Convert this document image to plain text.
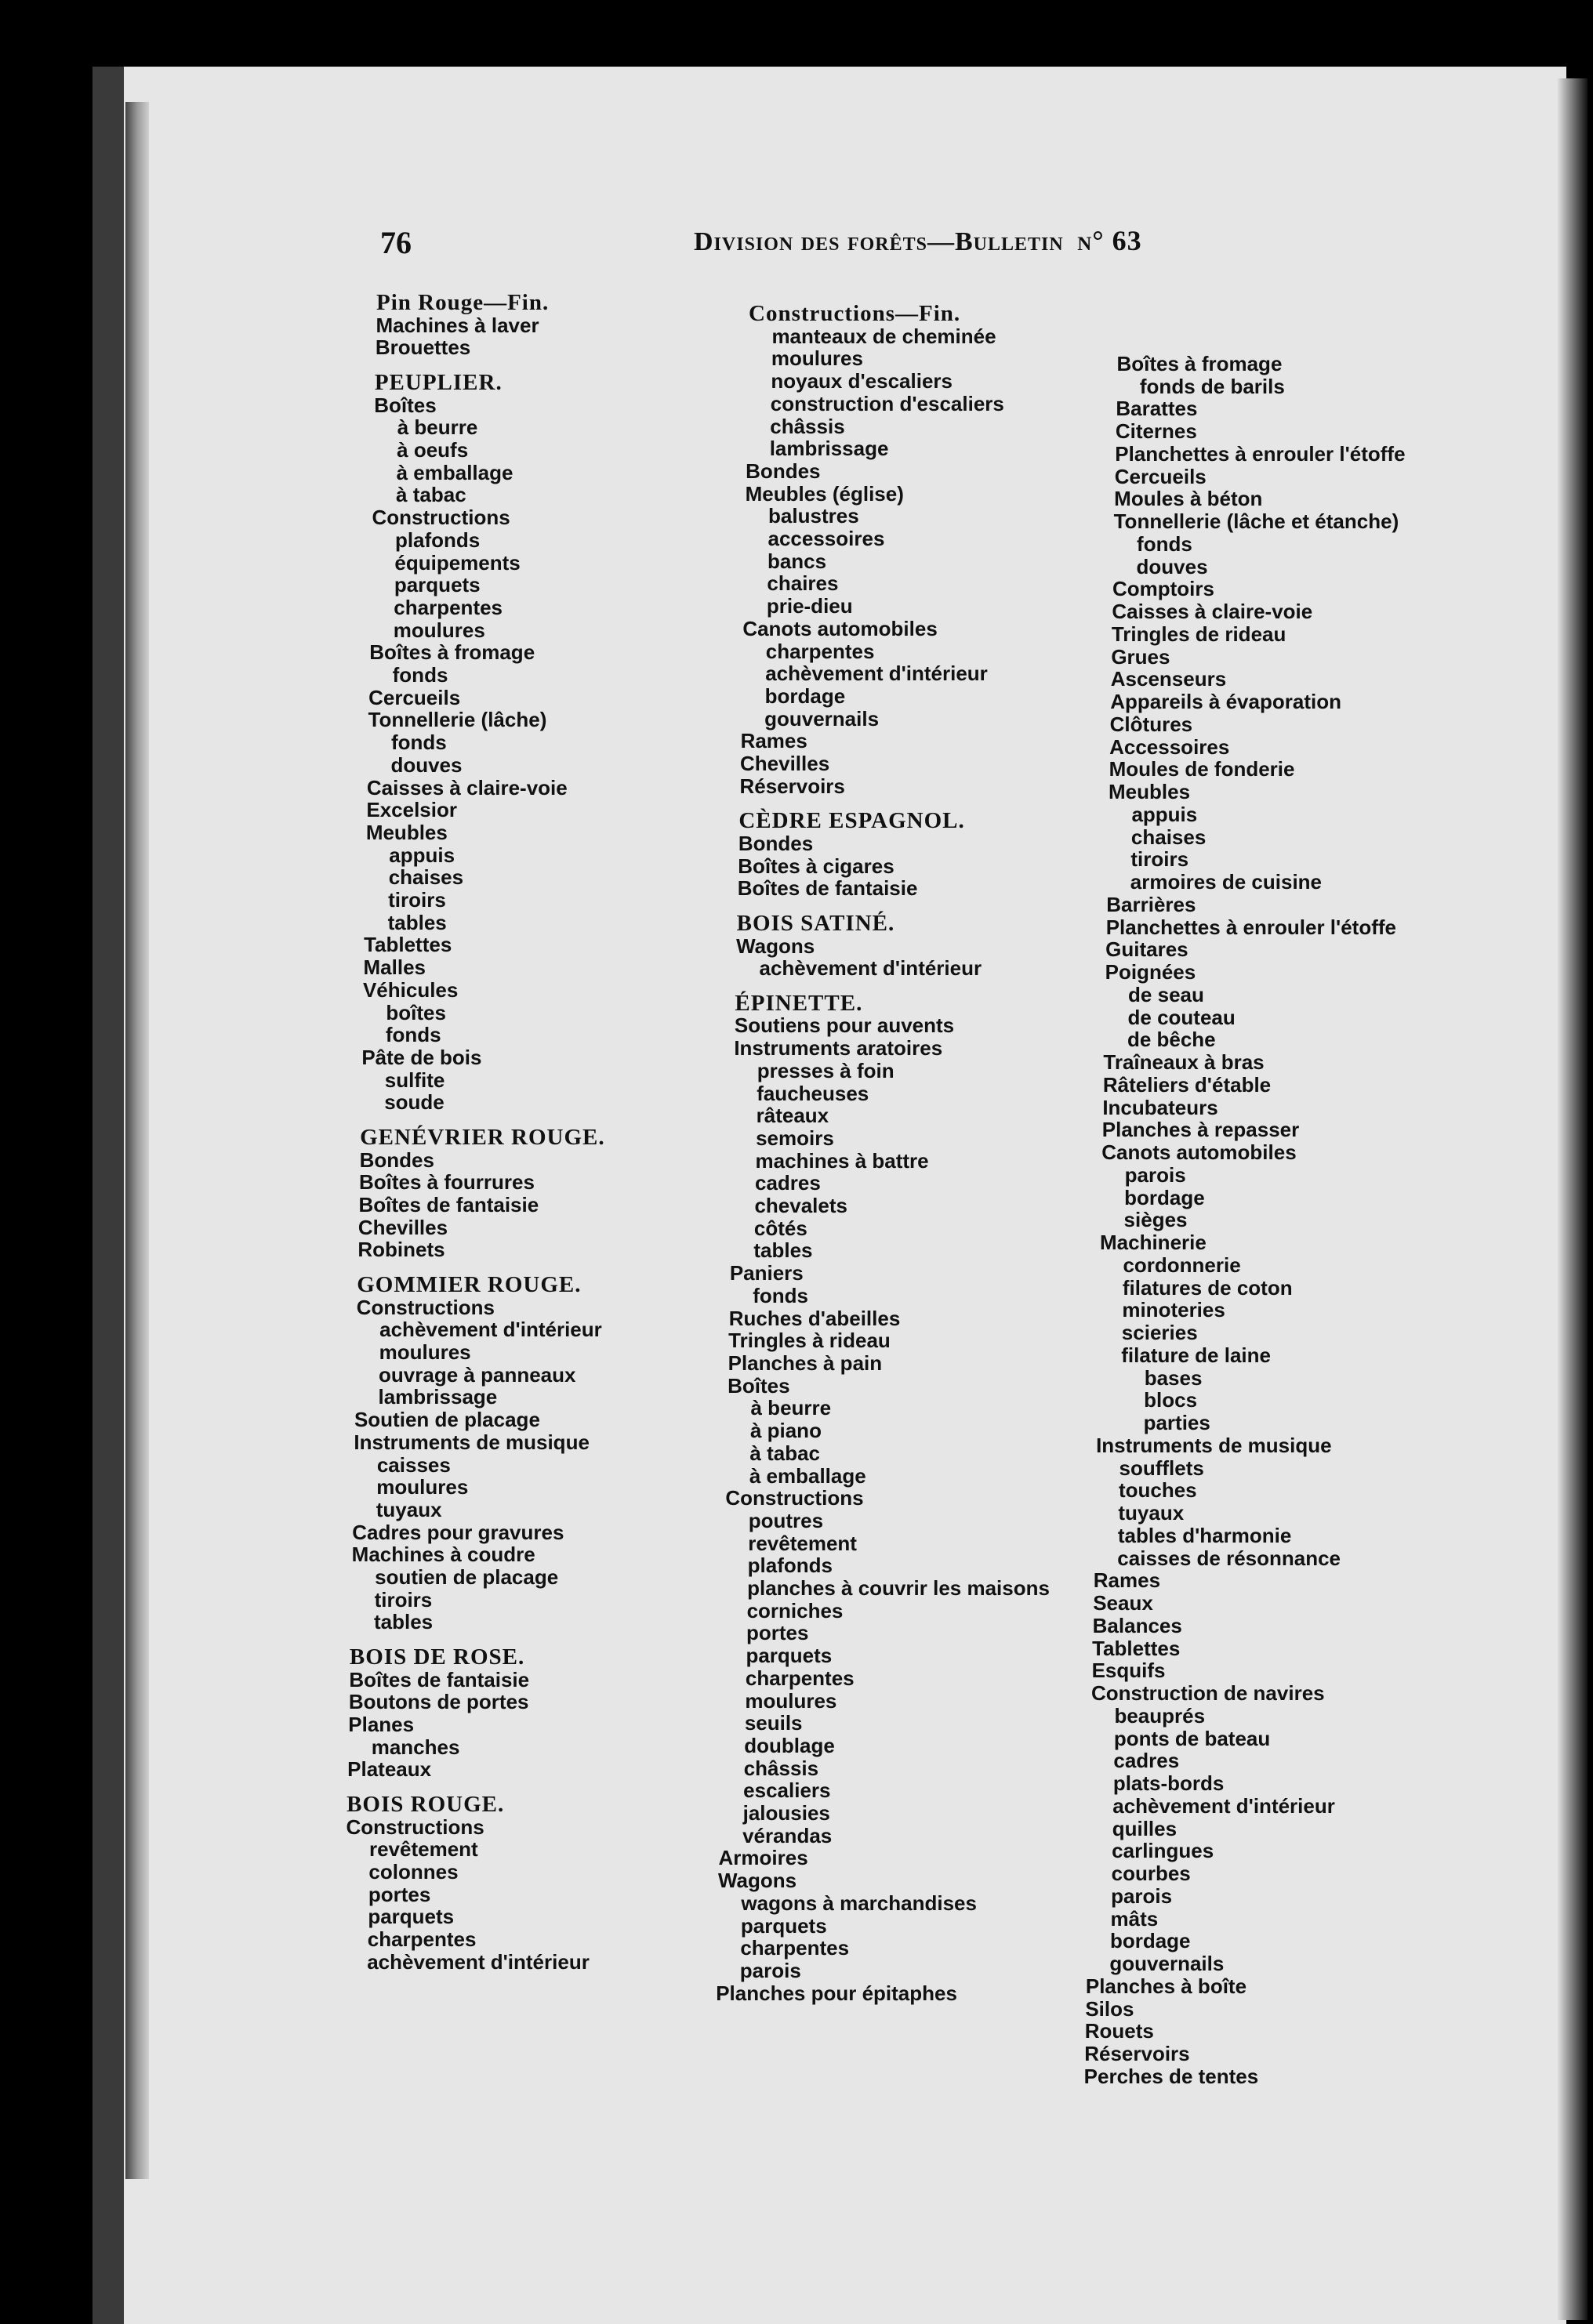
76	Division des forêts—Bulletin n° 63
Pin Rouge—Fin.
Machines à laver
Brouettes
PEUPLIER.
Boîtes
à beurre
à oeufs
à emballage
à tabac
Constructions
plafonds
équipements
parquets
charpentes
moulures
Boîtes à fromage
fonds
Cercueils
Tonnellerie (lâche)
fonds
douves
Caisses à claire-voie
Excelsior
Meubles
appuis
chaises
tiroirs
tables
Tablettes
Malles
Véhicules
boîtes
fonds
Pâte de bois
sulfite
soude
GENÉVRIER ROUGE.
Bondes
Boîtes à fourrures
Boîtes de fantaisie
Chevilles
Robinets
GOMMIER ROUGE.
Constructions
achèvement d'intérieur
moulures
ouvrage à panneaux
lambrissage
Soutien de placage
Instruments de musique
caisses
moulures
tuyaux
Cadres pour gravures
Machines à coudre
soutien de placage
tiroirs
tables
BOIS DE ROSE.
Boîtes de fantaisie
Boutons de portes
Planes
manches
Plateaux
BOIS ROUGE.
Constructions
revêtement
colonnes
portes
parquets
charpentes
achèvement d'intérieur
Constructions—Fin.
manteaux de cheminée
moulures
noyaux d'escaliers
construction d'escaliers
châssis
lambrissage
Bondes
Meubles (église)
balustres
accessoires
bancs
chaires
prie-dieu
Canots automobiles
charpentes
achèvement d'intérieur
bordage
gouvernails
Rames
Chevilles
Réservoirs
CÈDRE ESPAGNOL.
Bondes
Boîtes à cigares
Boîtes de fantaisie
BOIS SATINÉ.
Wagons
achèvement d'intérieur
ÉPINETTE.
Soutiens pour auvents
Instruments aratoires
presses à foin
faucheuses
râteaux
semoirs
machines à battre
cadres
chevalets
côtés
tables
Paniers
fonds
Ruches d'abeilles
Tringles à rideau
Planches à pain
Boîtes
à beurre
à piano
à tabac
à emballage
Constructions
poutres
revêtement
plafonds
planches à couvrir les maisons
corniches
portes
parquets
charpentes
moulures
seuils
doublage
châssis
escaliers
jalousies
vérandas
Armoires
Wagons
wagons à marchandises
parquets
charpentes
parois
Planches pour épitaphes
Boîtes à fromage
fonds de barils
Barattes
Citernes
Planchettes à enrouler l'étoffe
Cercueils
Moules à béton
Tonnellerie (lâche et étanche)
fonds
douves
Comptoirs
Caisses à claire-voie
Tringles de rideau
Grues
Ascenseurs
Appareils à évaporation
Clôtures
Accessoires
Moules de fonderie
Meubles
appuis
chaises
tiroirs
armoires de cuisine
Barrières
Planchettes à enrouler l'étoffe
Guitares
Poignées
de seau
de couteau
de bêche
Traîneaux à bras
Râteliers d'étable
Incubateurs
Planches à repasser
Canots automobiles
parois
bordage
sièges
Machinerie
cordonnerie
filatures de coton
minoteries
scieries
filature de laine
bases
blocs
parties
Instruments de musique
soufflets
touches
tuyaux
tables d'harmonie
caisses de résonnance
Rames
Seaux
Balances
Tablettes
Esquifs
Construction de navires
beauprés
ponts de bateau
cadres
plats-bords
achèvement d'intérieur
quilles
carlingues
courbes
parois
mâts
bordage
gouvernails
Planches à boîte
Silos
Rouets
Réservoirs
Perches de tentes
